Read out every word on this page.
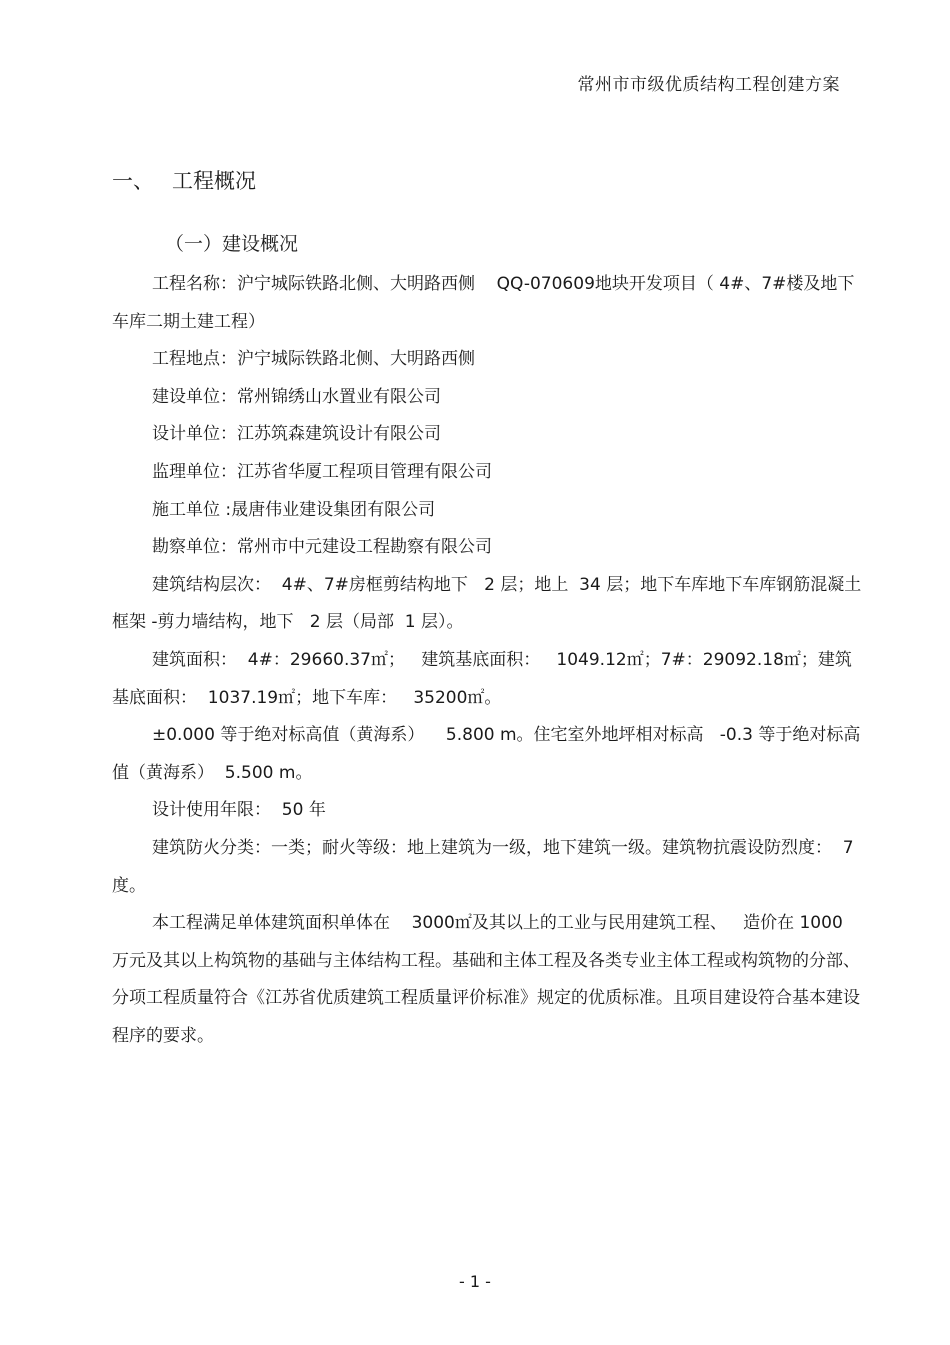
常州市市级优质结构工程创建方案
一、 工程概况
（一）建设概况

工程名称：沪宁城际铁路北侧、大明路西侧    QQ-070609地块开发项目（ 4#、7#楼及地下车库二期土建工程）

工程地点：沪宁城际铁路北侧、大明路西侧

建设单位：常州锦绣山水置业有限公司

设计单位：江苏筑森建筑设计有限公司

监理单位：江苏省华厦工程项目管理有限公司

施工单位 :晟唐伟业建设集团有限公司

勘察单位：常州市中元建设工程勘察有限公司

建筑结构层次：  4#、7#房框剪结构地下   2 层；地上  34 层；地下车库地下车库钢筋混凝土框架 -剪力墙结构，地下   2 层（局部  1 层）。

建筑面积：  4#：29660.37㎡；   建筑基底面积：   1049.12㎡；7#：29092.18㎡；建筑基底面积：  1037.19㎡；地下车库：   35200㎡。

±0.000 等于绝对标高值（黄海系）    5.800 m。住宅室外地坪相对标高   -0.3 等于绝对标高值（黄海系）  5.500 m。

设计使用年限：  50 年

建筑防火分类：一类；耐火等级：地上建筑为一级，地下建筑一级。建筑物抗震设防烈度：  7 度。

本工程满足单体建筑面积单体在    3000㎡及其以上的工业与民用建筑工程、   造价在 1000 万元及其以上构筑物的基础与主体结构工程。基础和主体工程及各类专业主体工程或构筑物的分部、分项工程质量符合《江苏省优质建筑工程质量评价标准》规定的优质标准。且项目建设符合基本建设程序的要求。

- 1 -
